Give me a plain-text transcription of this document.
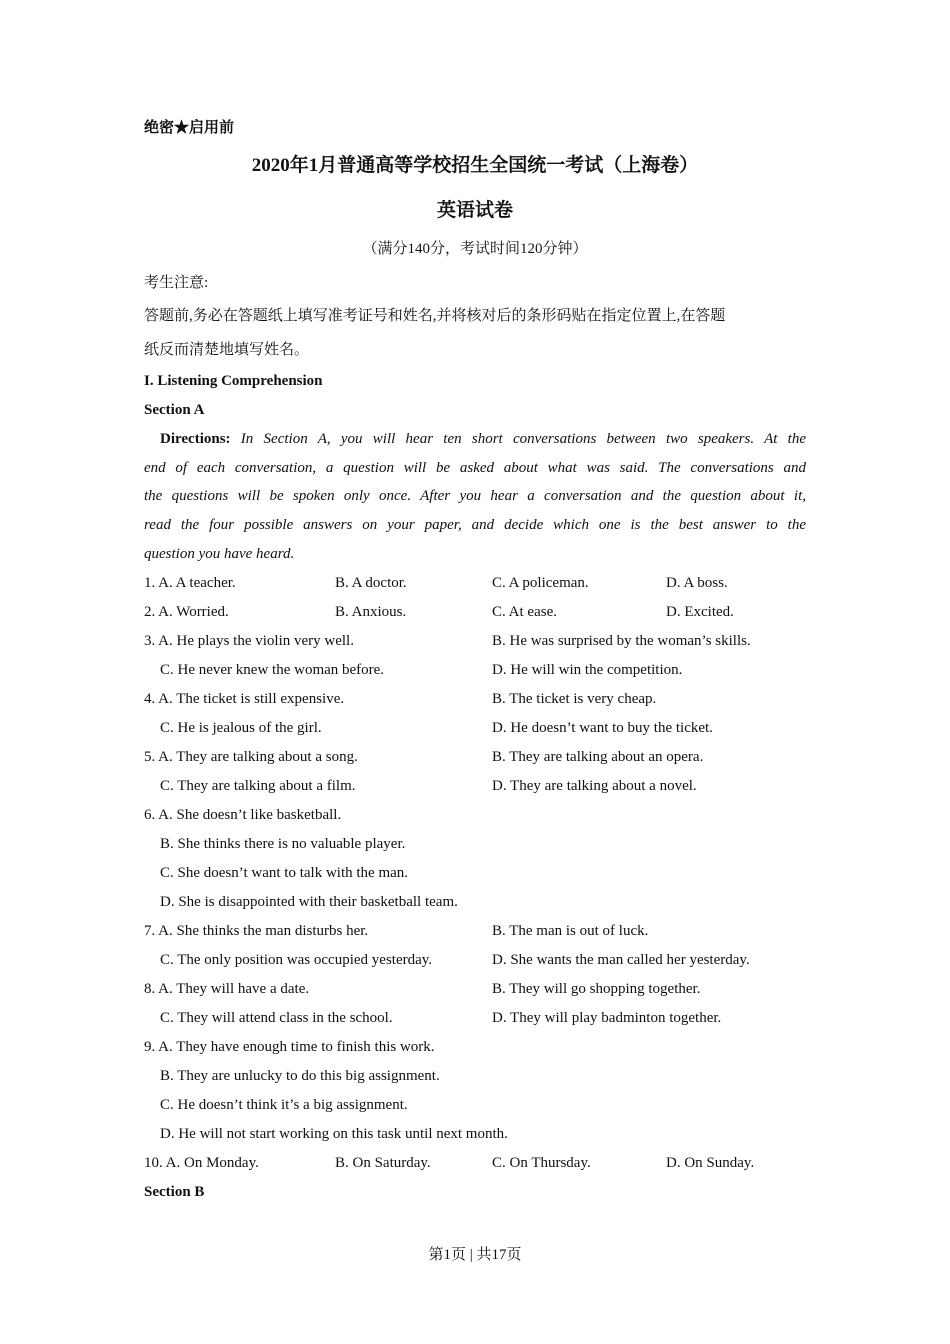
绝密★启用前
2020年1月普通高等学校招生全国统一考试（上海卷）
英语试卷
（满分140分，考试时间120分钟）
考生注意:
答题前,务必在答题纸上填写准考证号和姓名,并将核对后的条形码贴在指定位置上,在答题
纸反而清楚地填写姓名。
I. Listening Comprehension
Section A
Directions: In Section A, you will hear ten short conversations between two speakers. At the
end of each conversation, a question will be asked about what was said. The conversations and
the questions will be spoken only once. After you hear a conversation and the question about it,
read the four possible answers on your paper, and decide which one is the best answer to the
question you have heard.
1. A. A teacher.	B. A doctor.	C. A policeman.	D. A boss.
2. A. Worried.	B. Anxious.	C. At ease.	D. Excited.
3. A. He plays the violin very well.	B. He was surprised by the woman’s skills.
C. He never knew the woman before.	D. He will win the competition.
4. A. The ticket is still expensive.	B. The ticket is very cheap.
C. He is jealous of the girl.	D. He doesn’t want to buy the ticket.
5. A. They are talking about a song.	B. They are talking about an opera.
C. They are talking about a film.	D. They are talking about a novel.
6. A. She doesn’t like basketball.
B. She thinks there is no valuable player.
C. She doesn’t want to talk with the man.
D. She is disappointed with their basketball team.
7. A. She thinks the man disturbs her.	B. The man is out of luck.
C. The only position was occupied yesterday.	D. She wants the man called her yesterday.
8. A. They will have a date.	B. They will go shopping together.
C. They will attend class in the school.	D. They will play badminton together.
9. A. They have enough time to finish this work.
B. They are unlucky to do this big assignment.
C. He doesn’t think it’s a big assignment.
D. He will not start working on this task until next month.
10. A. On Monday.	B. On Saturday.	C. On Thursday.	D. On Sunday.
Section B
第1页 | 共17页
